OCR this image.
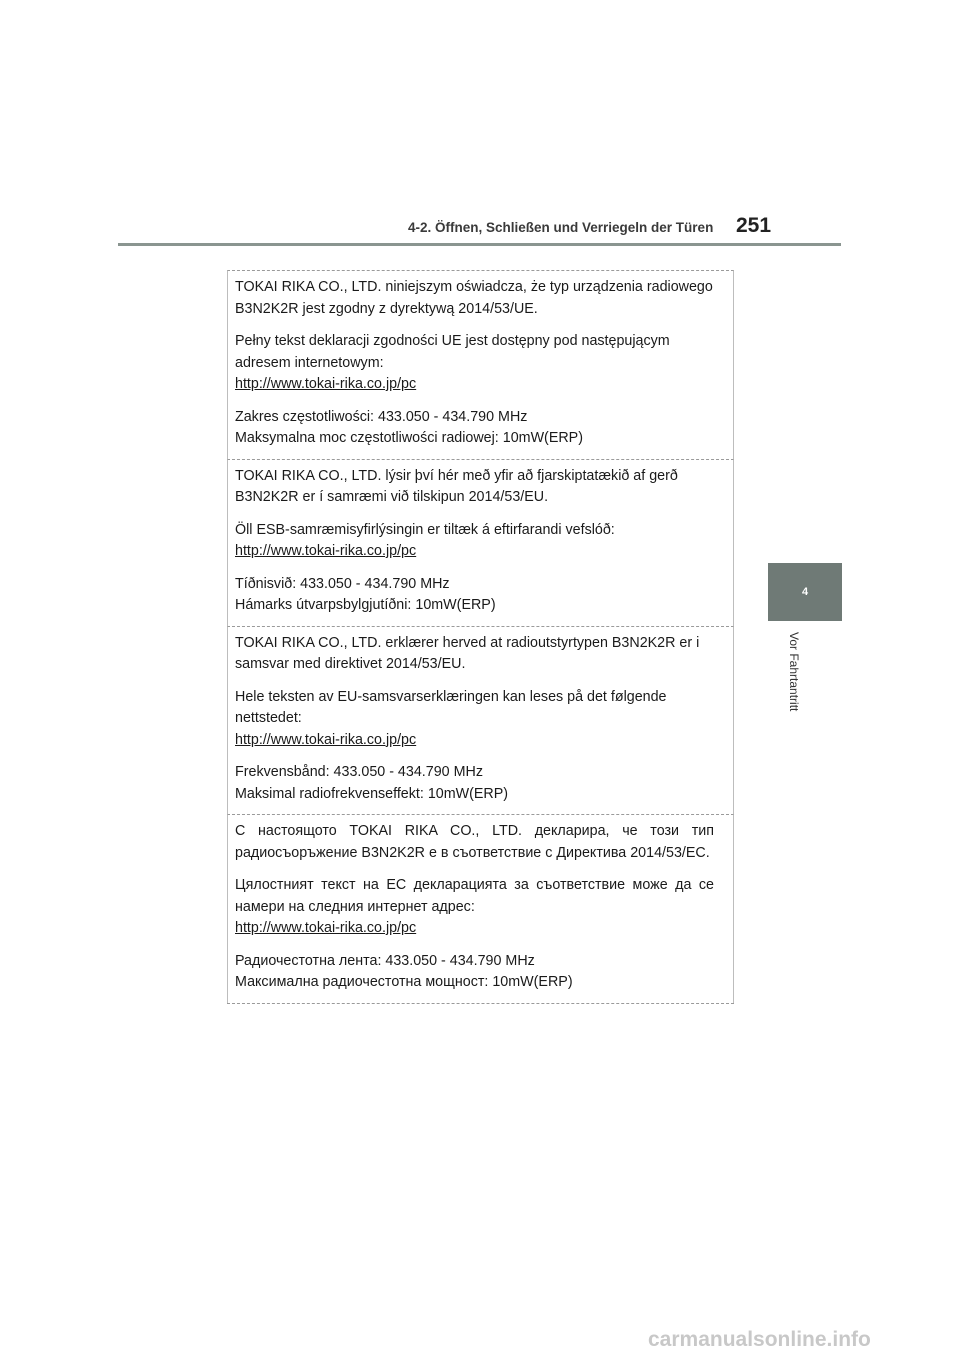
4-2. Öffnen, Schließen und Verriegeln der Türen 251
4
Vor Fahrtantritt

TOKAI RIKA CO., LTD. niniejszym oświadcza, że typ urządzenia radiowego B3N2K2R jest zgodny z dyrektywą 2014/53/UE.

Pełny tekst deklaracji zgodności UE jest dostępny pod następującym adresem internetowym:
http://www.tokai-rika.co.jp/pc

Zakres częstotliwości: 433.050 - 434.790 MHz
Maksymalna moc częstotliwości radiowej: 10mW(ERP)

TOKAI RIKA CO., LTD. lýsir því hér með yfir að fjarskiptatækið af gerð B3N2K2R er í samræmi við tilskipun 2014/53/EU.

Öll ESB-samræmisyfirlýsingin er tiltæk á eftirfarandi vefslóð:
http://www.tokai-rika.co.jp/pc

Tíðnisvið: 433.050 - 434.790 MHz
Hámarks útvarpsbylgjutíðni: 10mW(ERP)

TOKAI RIKA CO., LTD. erklærer herved at radioutstyrtypen B3N2K2R er i samsvar med direktivet 2014/53/EU.

Hele teksten av EU-samsvarserklæringen kan leses på det følgende nettstedet:
http://www.tokai-rika.co.jp/pc

Frekvensbånd: 433.050 - 434.790 MHz
Maksimal radiofrekvenseffekt: 10mW(ERP)

С настоящото TOKAI RIKA CO., LTD. декларира, че този тип радиосъоръжение B3N2K2R е в съответствие с Директива 2014/53/ЕС.

Цялостният текст на ЕС декларацията за съответствие може да се намери на следния интернет адрес:
http://www.tokai-rika.co.jp/pc

Радиочестотна лента: 433.050 - 434.790 MHz
Максимална радиочестотна мощност: 10mW(ERP)

carmanualsonline.info
